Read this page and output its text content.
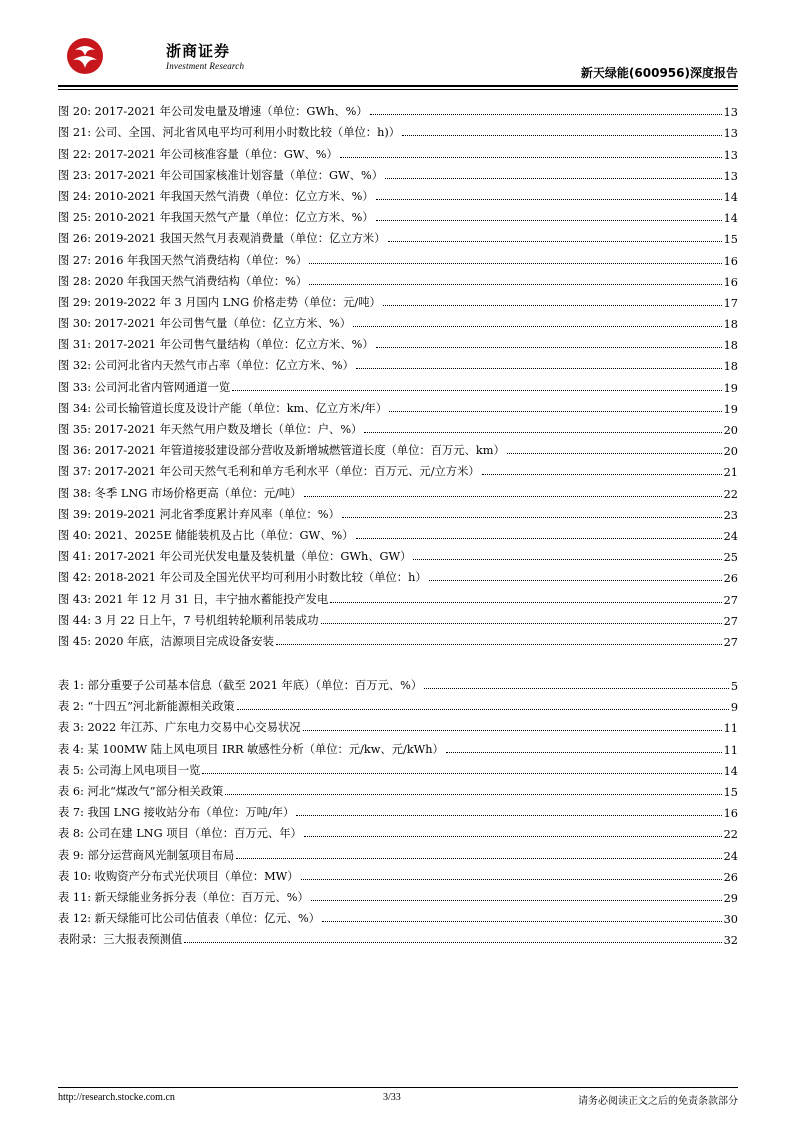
浙商证券
Investment Research	新天绿能(600956)深度报告
图 20: 2017-2021 年公司发电量及增速（单位：GWh、%）	13
图 21: 公司、全国、河北省风电平均可利用小时数比较（单位：h)）	13
图 22: 2017-2021 年公司核准容量（单位：GW、%）	13
图 23: 2017-2021 年公司国家核准计划容量（单位：GW、%）	13
图 24: 2010-2021 年我国天然气消费（单位：亿立方米、%）	14
图 25: 2010-2021 年我国天然气产量（单位：亿立方米、%）	14
图 26: 2019-2021 我国天然气月表观消费量（单位：亿立方米）	15
图 27: 2016 年我国天然气消费结构（单位：%）	16
图 28: 2020 年我国天然气消费结构（单位：%）	16
图 29: 2019-2022 年 3 月国内 LNG 价格走势（单位：元/吨）	17
图 30: 2017-2021 年公司售气量（单位：亿立方米、%）	18
图 31: 2017-2021 年公司售气量结构（单位：亿立方米、%）	18
图 32: 公司河北省内天然气市占率（单位：亿立方米、%）	18
图 33: 公司河北省内管网通道一览	19
图 34: 公司长输管道长度及设计产能（单位：km、亿立方米/年）	19
图 35: 2017-2021 年天然气用户数及增长（单位：户、%）	20
图 36: 2017-2021 年管道接驳建设部分营收及新增城燃管道长度（单位：百万元、km）	20
图 37: 2017-2021 年公司天然气毛利和单方毛利水平（单位：百万元、元/立方米）	21
图 38: 冬季 LNG 市场价格更高（单位：元/吨）	22
图 39: 2019-2021 河北省季度累计弃风率（单位：%）	23
图 40: 2021、2025E 储能装机及占比（单位：GW、%）	24
图 41: 2017-2021 年公司光伏发电量及装机量（单位：GWh、GW）	25
图 42: 2018-2021 年公司及全国光伏平均可利用小时数比较（单位：h）	26
图 43: 2021 年 12 月 31 日，丰宁抽水蓄能投产发电	27
图 44: 3 月 22 日上午，7 号机组转轮顺利吊装成功	27
图 45: 2020 年底，洁源项目完成设备安装	27
表 1: 部分重要子公司基本信息（截至 2021 年底）（单位：百万元、%）	5
表 2: “十四五”河北新能源相关政策	9
表 3: 2022 年江苏、广东电力交易中心交易状况	11
表 4: 某 100MW 陆上风电项目 IRR 敏感性分析（单位：元/kw、元/kWh）	11
表 5: 公司海上风电项目一览	14
表 6: 河北“煤改气”部分相关政策	15
表 7: 我国 LNG 接收站分布（单位：万吨/年）	16
表 8: 公司在建 LNG 项目（单位：百万元、年）	22
表 9: 部分运营商风光制氢项目布局	24
表 10: 收购资产分布式光伏项目（单位：MW）	26
表 11: 新天绿能业务拆分表（单位：百万元、%）	29
表 12: 新天绿能可比公司估值表（单位：亿元、%）	30
表附录：三大报表预测值	32
http://research.stocke.com.cn	3/33	请务必阅读正文之后的免责条款部分
